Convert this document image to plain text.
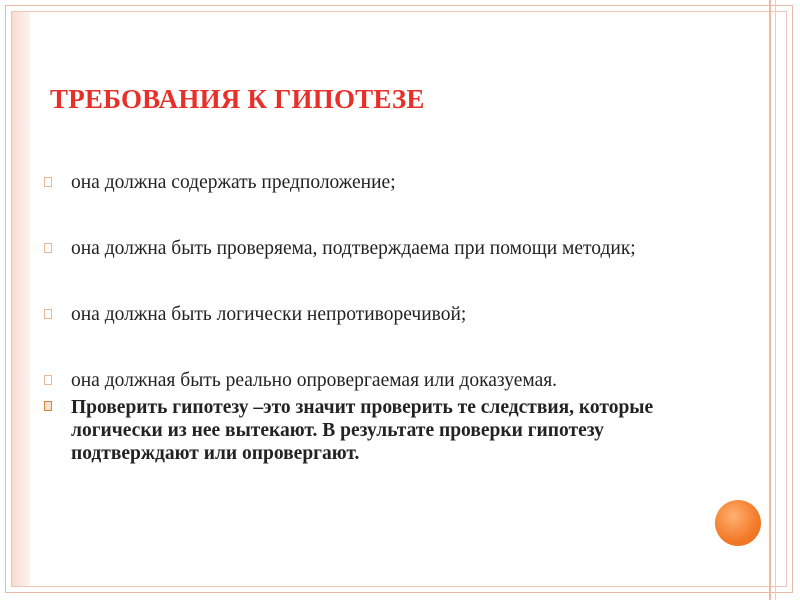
ТРЕБОВАНИЯ К ГИПОТЕЗЕ
она должна содержать предположение;
она должна быть проверяема, подтверждаема при помощи методик;
она должна быть логически непротиворечивой;
она должная быть реально опровергаемая или доказуемая.
Проверить гипотезу –это значит проверить те следствия, которые логически из нее вытекают. В результате проверки гипотезу подтверждают или опровергают.
